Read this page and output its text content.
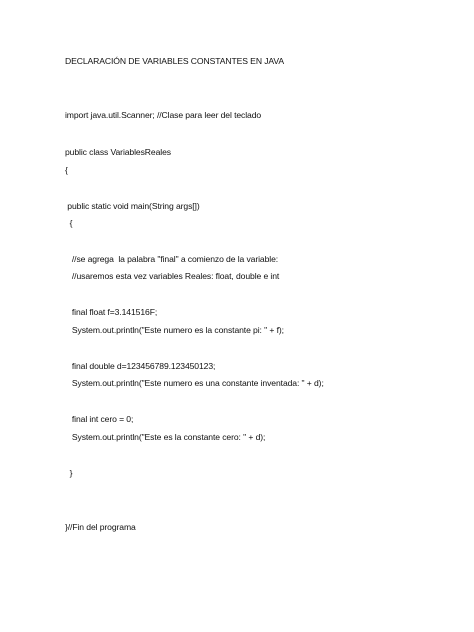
DECLARACIÓN DE VARIABLES CONSTANTES EN JAVA
import java.util.Scanner; //Clase para leer del teclado
public class VariablesReales
{
public static void main(String args[])
{
//se agrega  la palabra "final" a comienzo de la variable:
//usaremos esta vez variables Reales: float, double e int
final float f=3.141516F;
System.out.println("Este numero es la constante pi: " + f);
final double d=123456789.123450123;
System.out.println("Este numero es una constante inventada: " + d);
final int cero = 0;
System.out.println("Este es la constante cero: " + d);
}
}//Fin del programa
